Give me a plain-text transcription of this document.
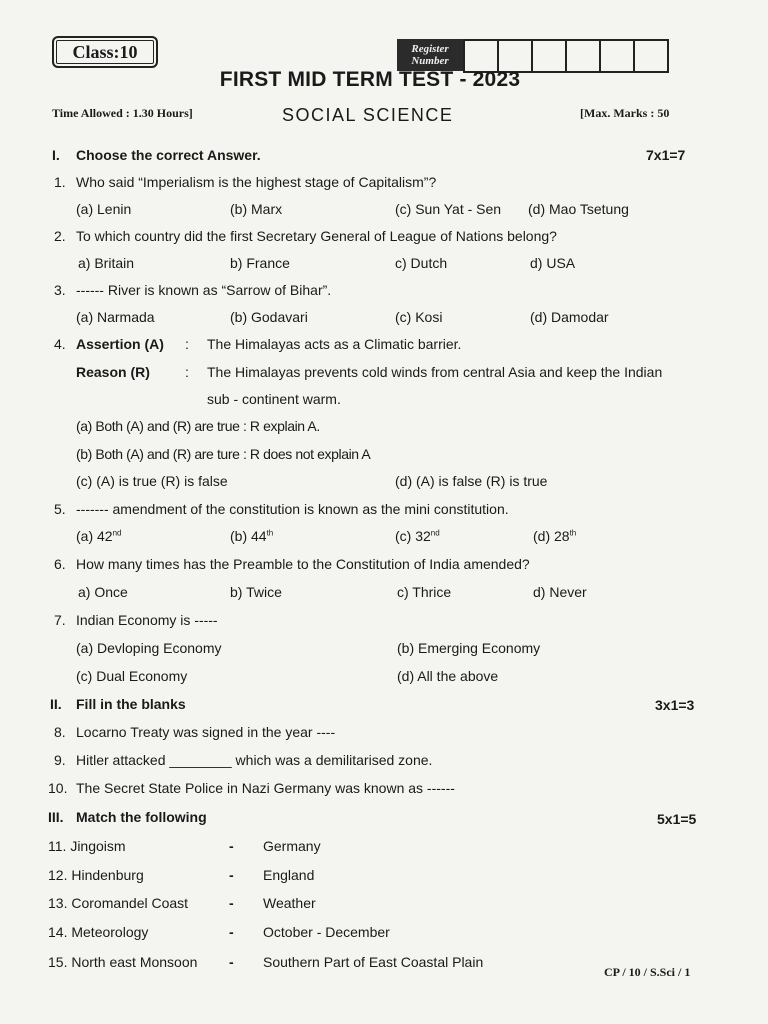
Class:10	Register
Number
FIRST MID TERM TEST - 2023
Time Allowed : 1.30 Hours]	SOCIAL SCIENCE	[Max. Marks : 50
I. Choose the correct Answer.	7x1=7
1. Who said “Imperialism is the highest stage of Capitalism”?
(a) Lenin	(b) Marx	(c) Sun Yat - Sen (d) Mao Tsetung
2. To which country did the first Secretary General of League of Nations belong?
a) Britain	b) France	c) Dutch	d) USA
3. ------ River is known as “Sarrow of Bihar”.
(a) Narmada	(b) Godavari	(c) Kosi	(d) Damodar
4. Assertion (A) : The Himalayas acts as a Climatic barrier.
Reason (R)	: The Himalayas prevents cold winds from central Asia and keep the Indian
sub - continent warm.
(a) Both (A) and (R) are true : R explain A.
(b) Both (A) and (R) are ture : R does not explain A
(c) (A) is true (R) is false	(d) (A) is false (R) is true
5. ------- amendment of the constitution is known as the mini constitution.
(a) 42nd	(b) 44th	(c) 32nd	(d) 28th
6. How many times has the Preamble to the Constitution of India amended?
a) Once	b) Twice	c) Thrice	d) Never
7. Indian Economy is -----
(a) Devloping Economy	(b) Emerging Economy
(c) Dual Economy	(d) All the above
II. Fill in the blanks	3x1=3
8. Locarno Treaty was signed in the year ----
9. Hitler attacked ________ which was a demilitarised zone.
10. The Secret State Police in Nazi Germany was known as ------
III. Match the following	5x1=5
11. Jingoism	- Germany
12. Hindenburg	- England
13. Coromandel Coast	- Weather
14. Meteorology	- October - December
15. North east Monsoon - Southern Part of East Coastal Plain
CP / 10 / S.Sci / 1
